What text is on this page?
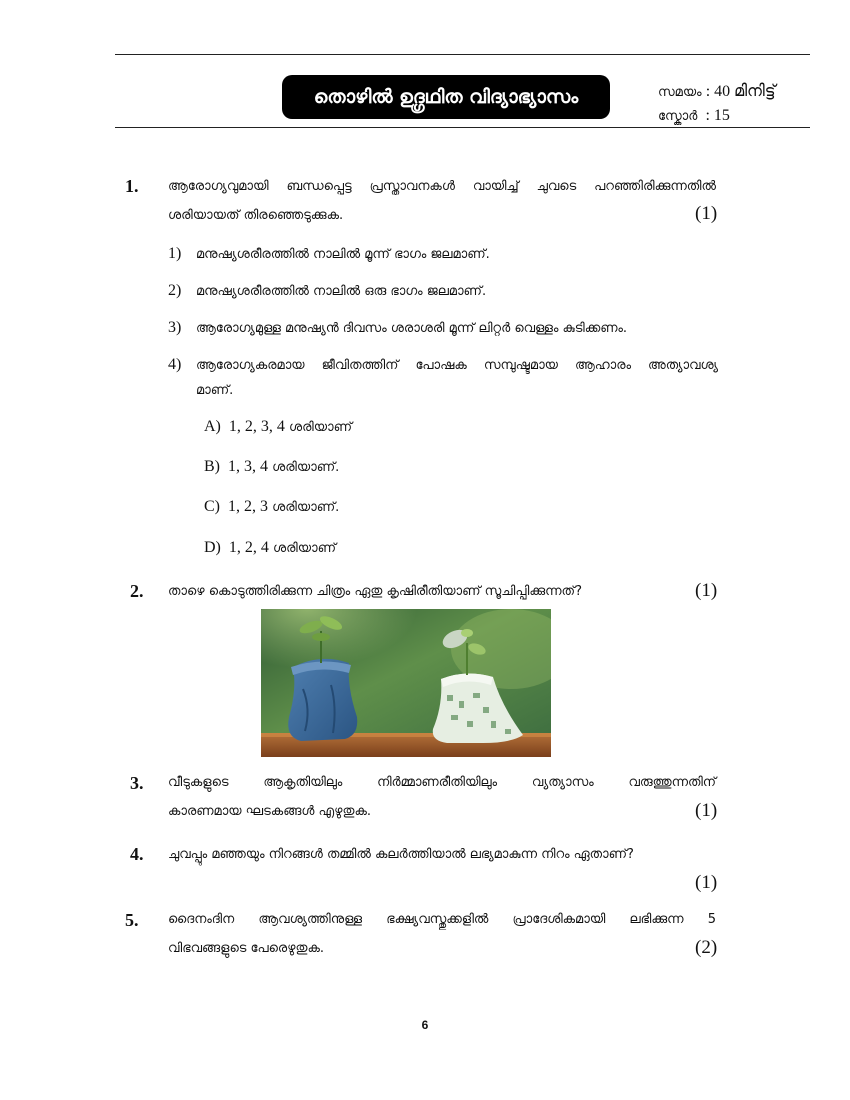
തൊഴിൽ ഉദ്ഗ്രഥിത വിദ്യാഭ്യാസം	സമയം : 40 മിനിട്ട്
സ്കോർ : 15
1. ആരോഗ്യവുമായി ബന്ധപ്പെട്ട പ്രസ്താവനകൾ വായിച്ച് ചുവടെ പറഞ്ഞിരിക്കുന്നതിൽ
ശരിയായത് തിരഞ്ഞെടുക്കുക.	(1)
1) മനുഷ്യശരീരത്തിൽ നാലിൽ മൂന്ന് ഭാഗം ജലമാണ്.
2) മനുഷ്യശരീരത്തിൽ നാലിൽ ഒരു ഭാഗം ജലമാണ്.
3) ആരോഗ്യമുള്ള മനുഷ്യൻ ദിവസം ശരാശരി മൂന്ന് ലിറ്റർ വെള്ളം കുടിക്കണം.
4) ആരോഗ്യകരമായ ജീവിതത്തിന് പോഷക സമ്പുഷ്ടമായ ആഹാരം അത്യാവശ്യ
മാണ്.
A) 1, 2, 3, 4 ശരിയാണ്
B) 1, 3, 4 ശരിയാണ്.
C) 1, 2, 3 ശരിയാണ്.
D) 1, 2, 4 ശരിയാണ്
2. താഴെ കൊടുത്തിരിക്കുന്ന ചിത്രം ഏതു കൃഷിരീതിയാണ് സൂചിപ്പിക്കുന്നത്?	(1)
3. വീടുകളുടെ ആകൃതിയിലും നിർമ്മാണരീതിയിലും വ്യത്യാസം വരുത്തുന്നതിന്
കാരണമായ ഘടകങ്ങൾ എഴുതുക.	(1)
4. ചുവപ്പും മഞ്ഞയും നിറങ്ങൾ തമ്മിൽ കലർത്തിയാൽ ലഭ്യമാകുന്ന നിറം ഏതാണ്?
(1)
5. ദൈനംദിന ആവശ്യത്തിനുള്ള ഭക്ഷ്യവസ്തുക്കളിൽ പ്രാദേശികമായി ലഭിക്കുന്ന 5
വിഭവങ്ങളുടെ പേരെഴുതുക.	(2)
6
